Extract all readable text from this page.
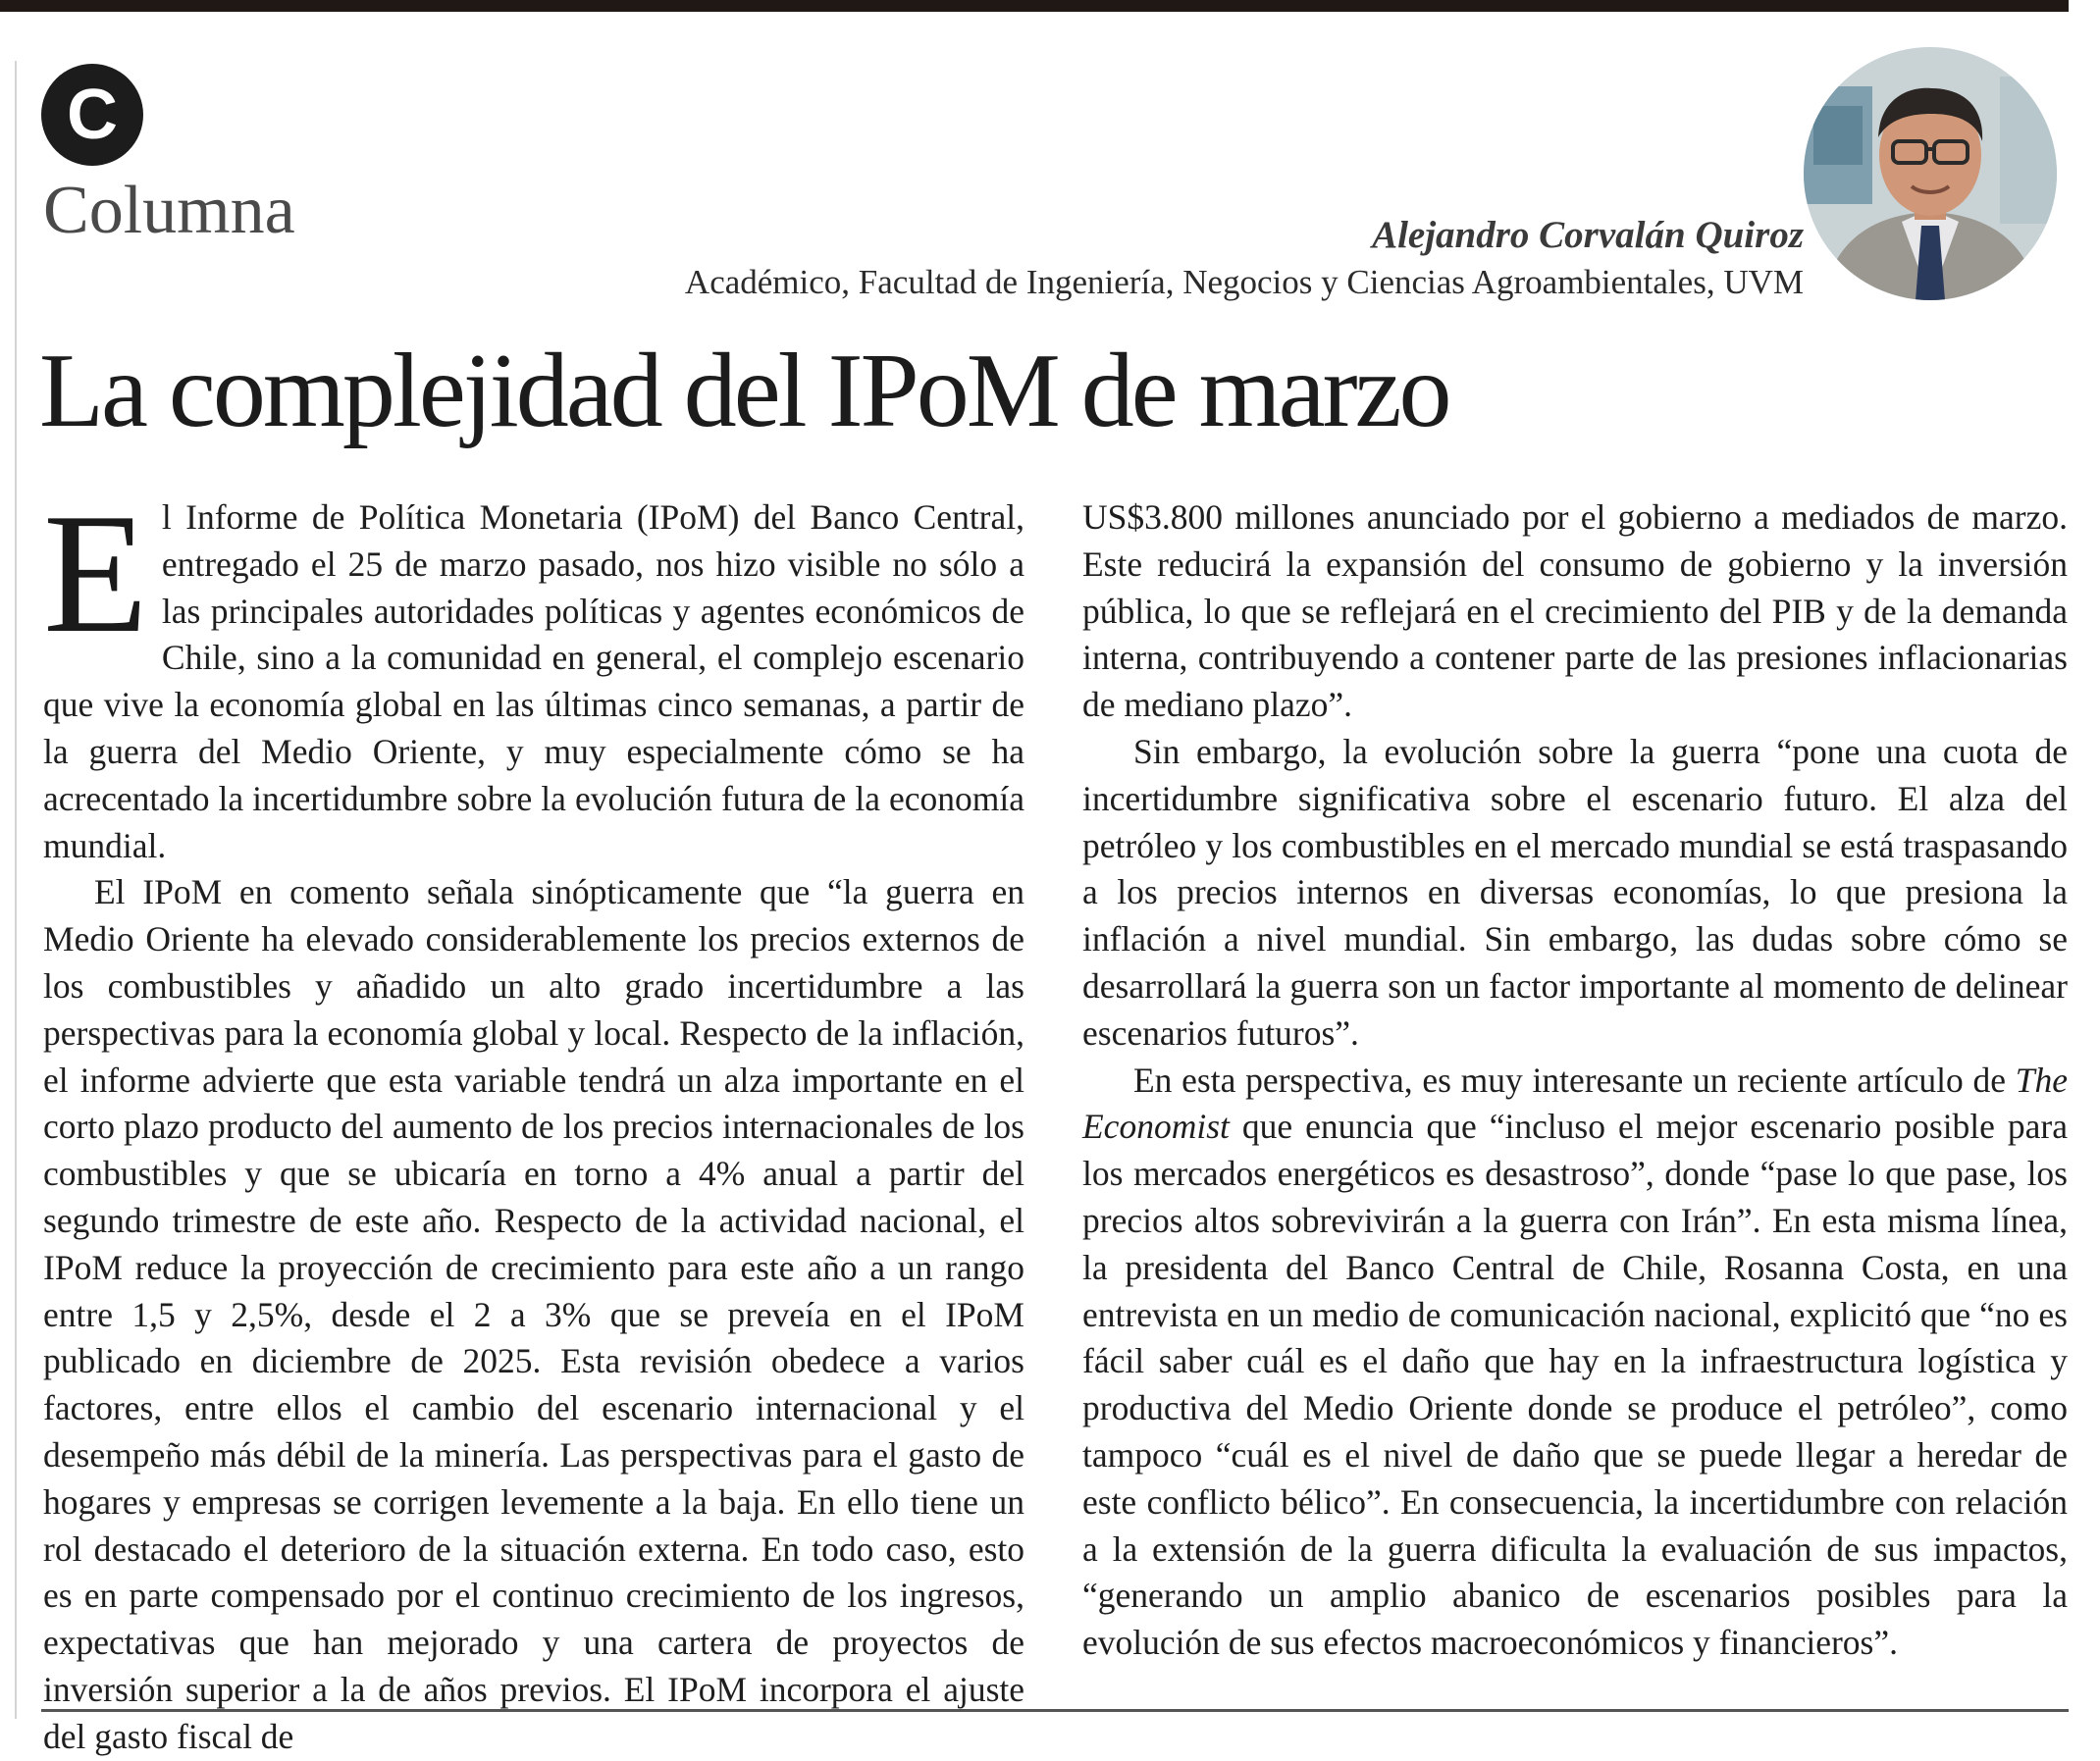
C
Columna	Alejandro Corvalán Quiroz
Académico, Facultad de Ingeniería, Negocios y Ciencias Agroambientales, UVM
La complejidad del IPoM de marzo

El Informe de Política Monetaria (IPoM) del Banco Central, entregado el 25 de marzo pasado, nos hizo visible no sólo a las principales autoridades políticas y agentes económicos de Chile, sino a la comunidad en general, el complejo escenario que vive la economía global en las últimas cinco semanas, a partir de la guerra del Medio Oriente, y muy especialmente cómo se ha acrecentado la incertidumbre sobre la evolución futura de la economía mundial.

El IPoM en comento señala sinópticamente que “la guerra en Medio Oriente ha elevado considerablemente los precios externos de los combustibles y añadido un alto grado incertidumbre a las perspectivas para la economía global y local. Respecto de la inflación, el informe advierte que esta variable tendrá un alza importante en el corto plazo producto del aumento de los precios internacionales de los combustibles y que se ubicaría en torno a 4% anual a partir del segundo trimestre de este año. Respecto de la actividad nacional, el IPoM reduce la proyección de crecimiento para este año a un rango entre 1,5 y 2,5%, desde el 2 a 3% que se preveía en el IPoM publicado en diciembre de 2025. Esta revisión obedece a varios factores, entre ellos el cambio del escenario internacional y el desempeño más débil de la minería. Las perspectivas para el gasto de hogares y empresas se corrigen levemente a la baja. En ello tiene un rol destacado el deterioro de la situación externa. En todo caso, esto es en parte compensado por el continuo crecimiento de los ingresos, expectativas que han mejorado y una cartera de proyectos de inversión superior a la de años previos. El IPoM incorpora el ajuste del gasto fiscal de

US$3.800 millones anunciado por el gobierno a mediados de marzo. Este reducirá la expansión del consumo de gobierno y la inversión pública, lo que se reflejará en el crecimiento del PIB y de la demanda interna, contribuyendo a contener parte de las presiones inflacionarias de mediano plazo”.

Sin embargo, la evolución sobre la guerra “pone una cuota de incertidumbre significativa sobre el escenario futuro. El alza del petróleo y los combustibles en el mercado mundial se está traspasando a los precios internos en diversas economías, lo que presiona la inflación a nivel mundial. Sin embargo, las dudas sobre cómo se desarrollará la guerra son un factor importante al momento de delinear escenarios futuros”.

En esta perspectiva, es muy interesante un reciente artículo de The Economist que enuncia que “incluso el mejor escenario posible para los mercados energéticos es desastroso”, donde “pase lo que pase, los precios altos sobrevivirán a la guerra con Irán”. En esta misma línea, la presidenta del Banco Central de Chile, Rosanna Costa, en una entrevista en un medio de comunicación nacional, explicitó que “no es fácil saber cuál es el daño que hay en la infraestructura logística y productiva del Medio Oriente donde se produce el petróleo”, como tampoco “cuál es el nivel de daño que se puede llegar a heredar de este conflicto bélico”. En consecuencia, la incertidumbre con relación a la extensión de la guerra dificulta la evaluación de sus impactos, “generando un amplio abanico de escenarios posibles para la evolución de sus efectos macroeconómicos y financieros”.
